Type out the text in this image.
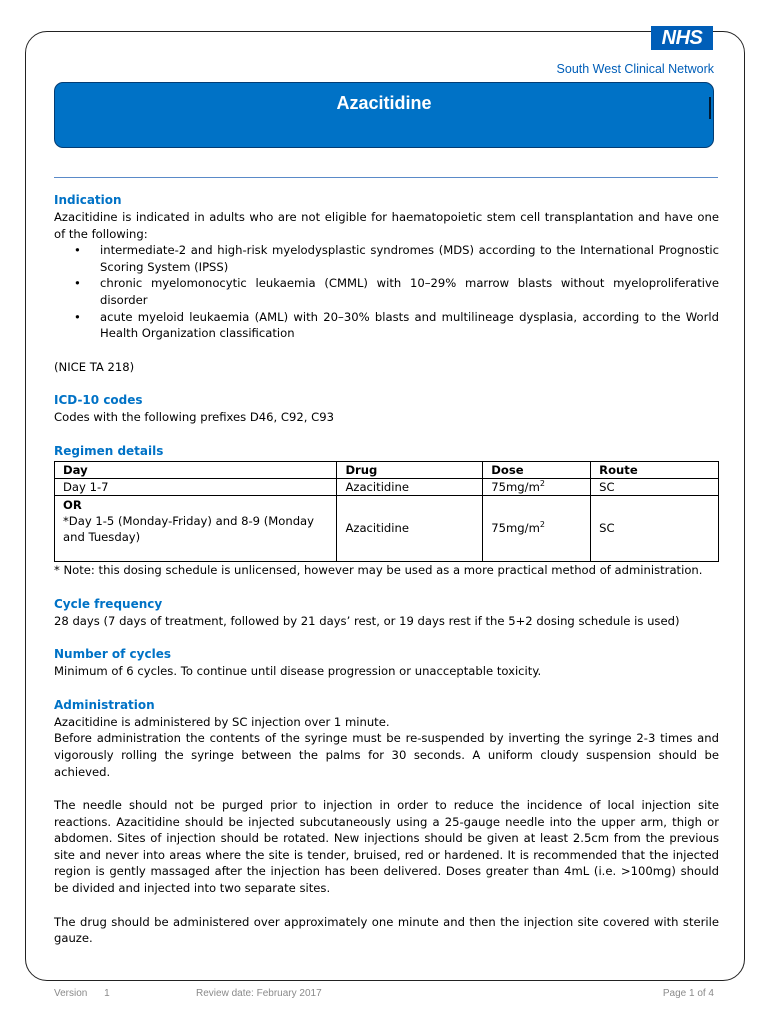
NHS
South West Clinical Network
Azacitidine
Indication

Azacitidine is indicated in adults who are not eligible for haematopoietic stem cell transplantation and have one of the following:

• intermediate-2 and high-risk myelodysplastic syndromes (MDS) according to the International Prognostic Scoring System (IPSS)
• chronic myelomonocytic leukaemia (CMML) with 10–29% marrow blasts without myeloproliferative disorder
• acute myeloid leukaemia (AML) with 20–30% blasts and multilineage dysplasia, according to the World Health Organization classification

(NICE TA 218)

ICD-10 codes

Codes with the following prefixes D46, C92, C93

Regimen details
Day	Drug	Dose	Route
Day 1-7	Azacitidine	$75mg/m^2$	SC

OR
*Day 1-5 (Monday-Friday) and 8-9 (Monday and Tuesday)	Azacitidine	$75mg/m^2$	SC

* Note: this dosing schedule is unlicensed, however may be used as a more practical method of administration.

Cycle frequency

28 days (7 days of treatment, followed by 21 days’ rest, or 19 days rest if the 5+2 dosing schedule is used)

Number of cycles

Minimum of 6 cycles. To continue until disease progression or unacceptable toxicity.

Administration

Azacitidine is administered by SC injection over 1 minute.

Before administration the contents of the syringe must be re-suspended by inverting the syringe 2-3 times and vigorously rolling the syringe between the palms for 30 seconds. A uniform cloudy suspension should be achieved.

The needle should not be purged prior to injection in order to reduce the incidence of local injection site reactions. Azacitidine should be injected subcutaneously using a 25-gauge needle into the upper arm, thigh or abdomen. Sites of injection should be rotated. New injections should be given at least 2.5cm from the previous site and never into areas where the site is tender, bruised, red or hardened. It is recommended that the injected region is gently massaged after the injection has been delivered. Doses greater than 4mL (i.e. >100mg) should be divided and injected into two separate sites.

The drug should be administered over approximately one minute and then the injection site covered with sterile gauze.

Version 1	Review date: February 2017	Page 1 of 4
